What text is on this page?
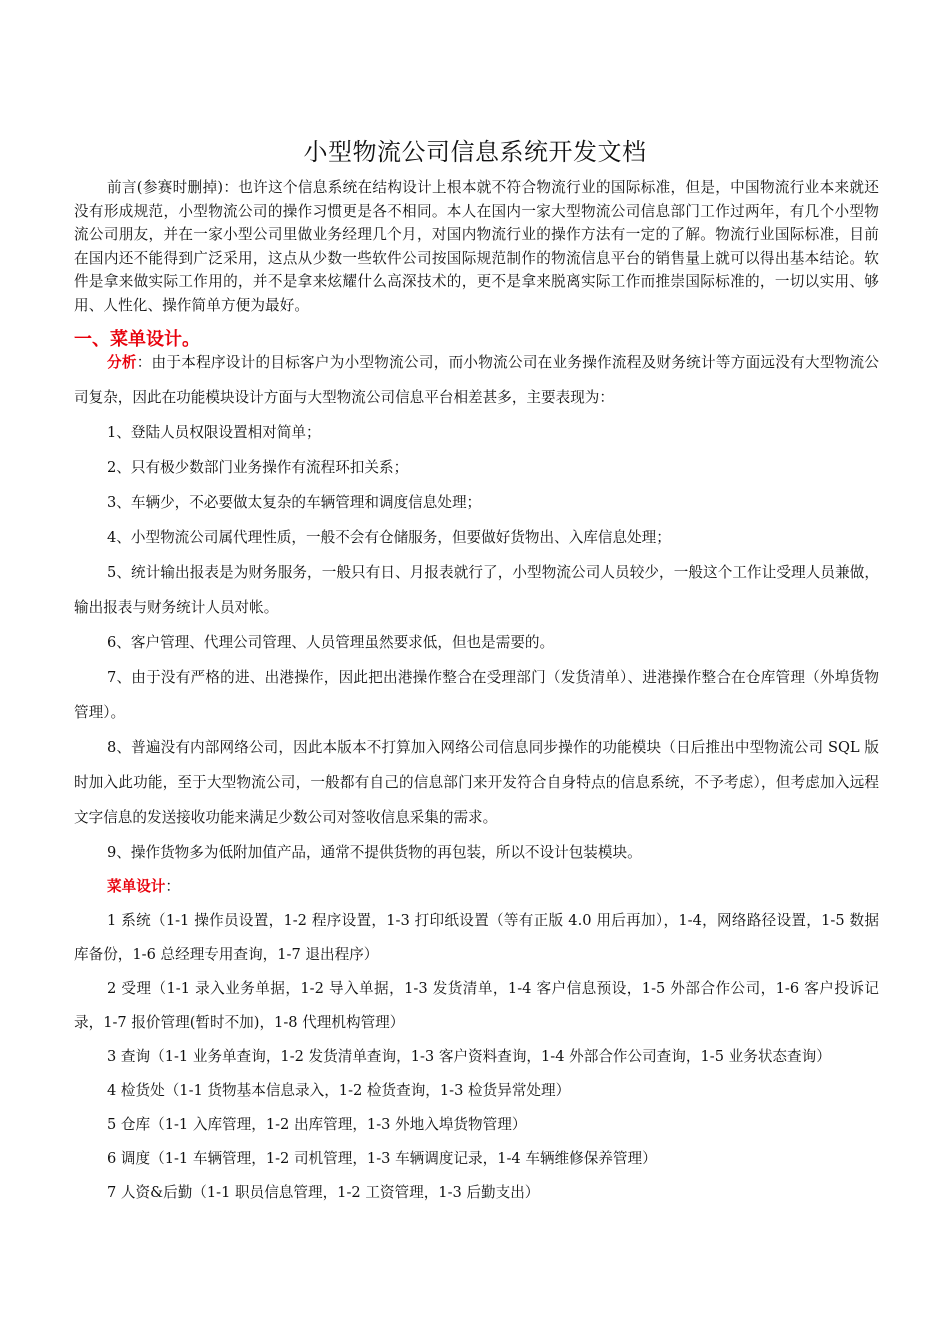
小型物流公司信息系统开发文档

前言(参赛时删掉)：也许这个信息系统在结构设计上根本就不符合物流行业的国际标准，但是，中国物流行业本来就还没有形成规范，小型物流公司的操作习惯更是各不相同。本人在国内一家大型物流公司信息部门工作过两年，有几个小型物流公司朋友，并在一家小型公司里做业务经理几个月，对国内物流行业的操作方法有一定的了解。物流行业国际标准，目前在国内还不能得到广泛采用，这点从少数一些软件公司按国际规范制作的物流信息平台的销售量上就可以得出基本结论。软件是拿来做实际工作用的，并不是拿来炫耀什么高深技术的，更不是拿来脱离实际工作而推崇国际标准的，一切以实用、够用、人性化、操作简单方便为最好。

一、菜单设计。

分析：由于本程序设计的目标客户为小型物流公司，而小物流公司在业务操作流程及财务统计等方面远没有大型物流公司复杂，因此在功能模块设计方面与大型物流公司信息平台相差甚多，主要表现为：

1、登陆人员权限设置相对简单；

2、只有极少数部门业务操作有流程环扣关系；

3、车辆少，不必要做太复杂的车辆管理和调度信息处理；

4、小型物流公司属代理性质，一般不会有仓储服务，但要做好货物出、入库信息处理；

5、统计输出报表是为财务服务，一般只有日、月报表就行了，小型物流公司人员较少，一般这个工作让受理人员兼做，输出报表与财务统计人员对帐。

6、客户管理、代理公司管理、人员管理虽然要求低，但也是需要的。

7、由于没有严格的进、出港操作，因此把出港操作整合在受理部门（发货清单）、进港操作整合在仓库管理（外埠货物管理）。

8、普遍没有内部网络公司，因此本版本不打算加入网络公司信息同步操作的功能模块（日后推出中型物流公司 SQL 版时加入此功能，至于大型物流公司，一般都有自己的信息部门来开发符合自身特点的信息系统，不予考虑），但考虑加入远程文字信息的发送接收功能来满足少数公司对签收信息采集的需求。

9、操作货物多为低附加值产品，通常不提供货物的再包装，所以不设计包装模块。

菜单设计：

1 系统（1-1 操作员设置，1-2 程序设置，1-3 打印纸设置（等有正版 4.0 用后再加），1-4，网络路径设置，1-5 数据库备份，1-6 总经理专用查询，1-7 退出程序）

2 受理（1-1 录入业务单据，1-2 导入单据，1-3 发货清单，1-4 客户信息预设，1-5 外部合作公司，1-6 客户投诉记录，1-7 报价管理(暂时不加)，1-8 代理机构管理）

3 查询（1-1 业务单查询，1-2 发货清单查询，1-3 客户资料查询，1-4 外部合作公司查询，1-5 业务状态查询）

4 检货处（1-1 货物基本信息录入，1-2 检货查询，1-3 检货异常处理）

5 仓库（1-1 入库管理，1-2 出库管理，1-3 外地入埠货物管理）

6 调度（1-1 车辆管理，1-2 司机管理，1-3 车辆调度记录，1-4 车辆维修保养管理）

7 人资&后勤（1-1 职员信息管理，1-2 工资管理，1-3 后勤支出）
